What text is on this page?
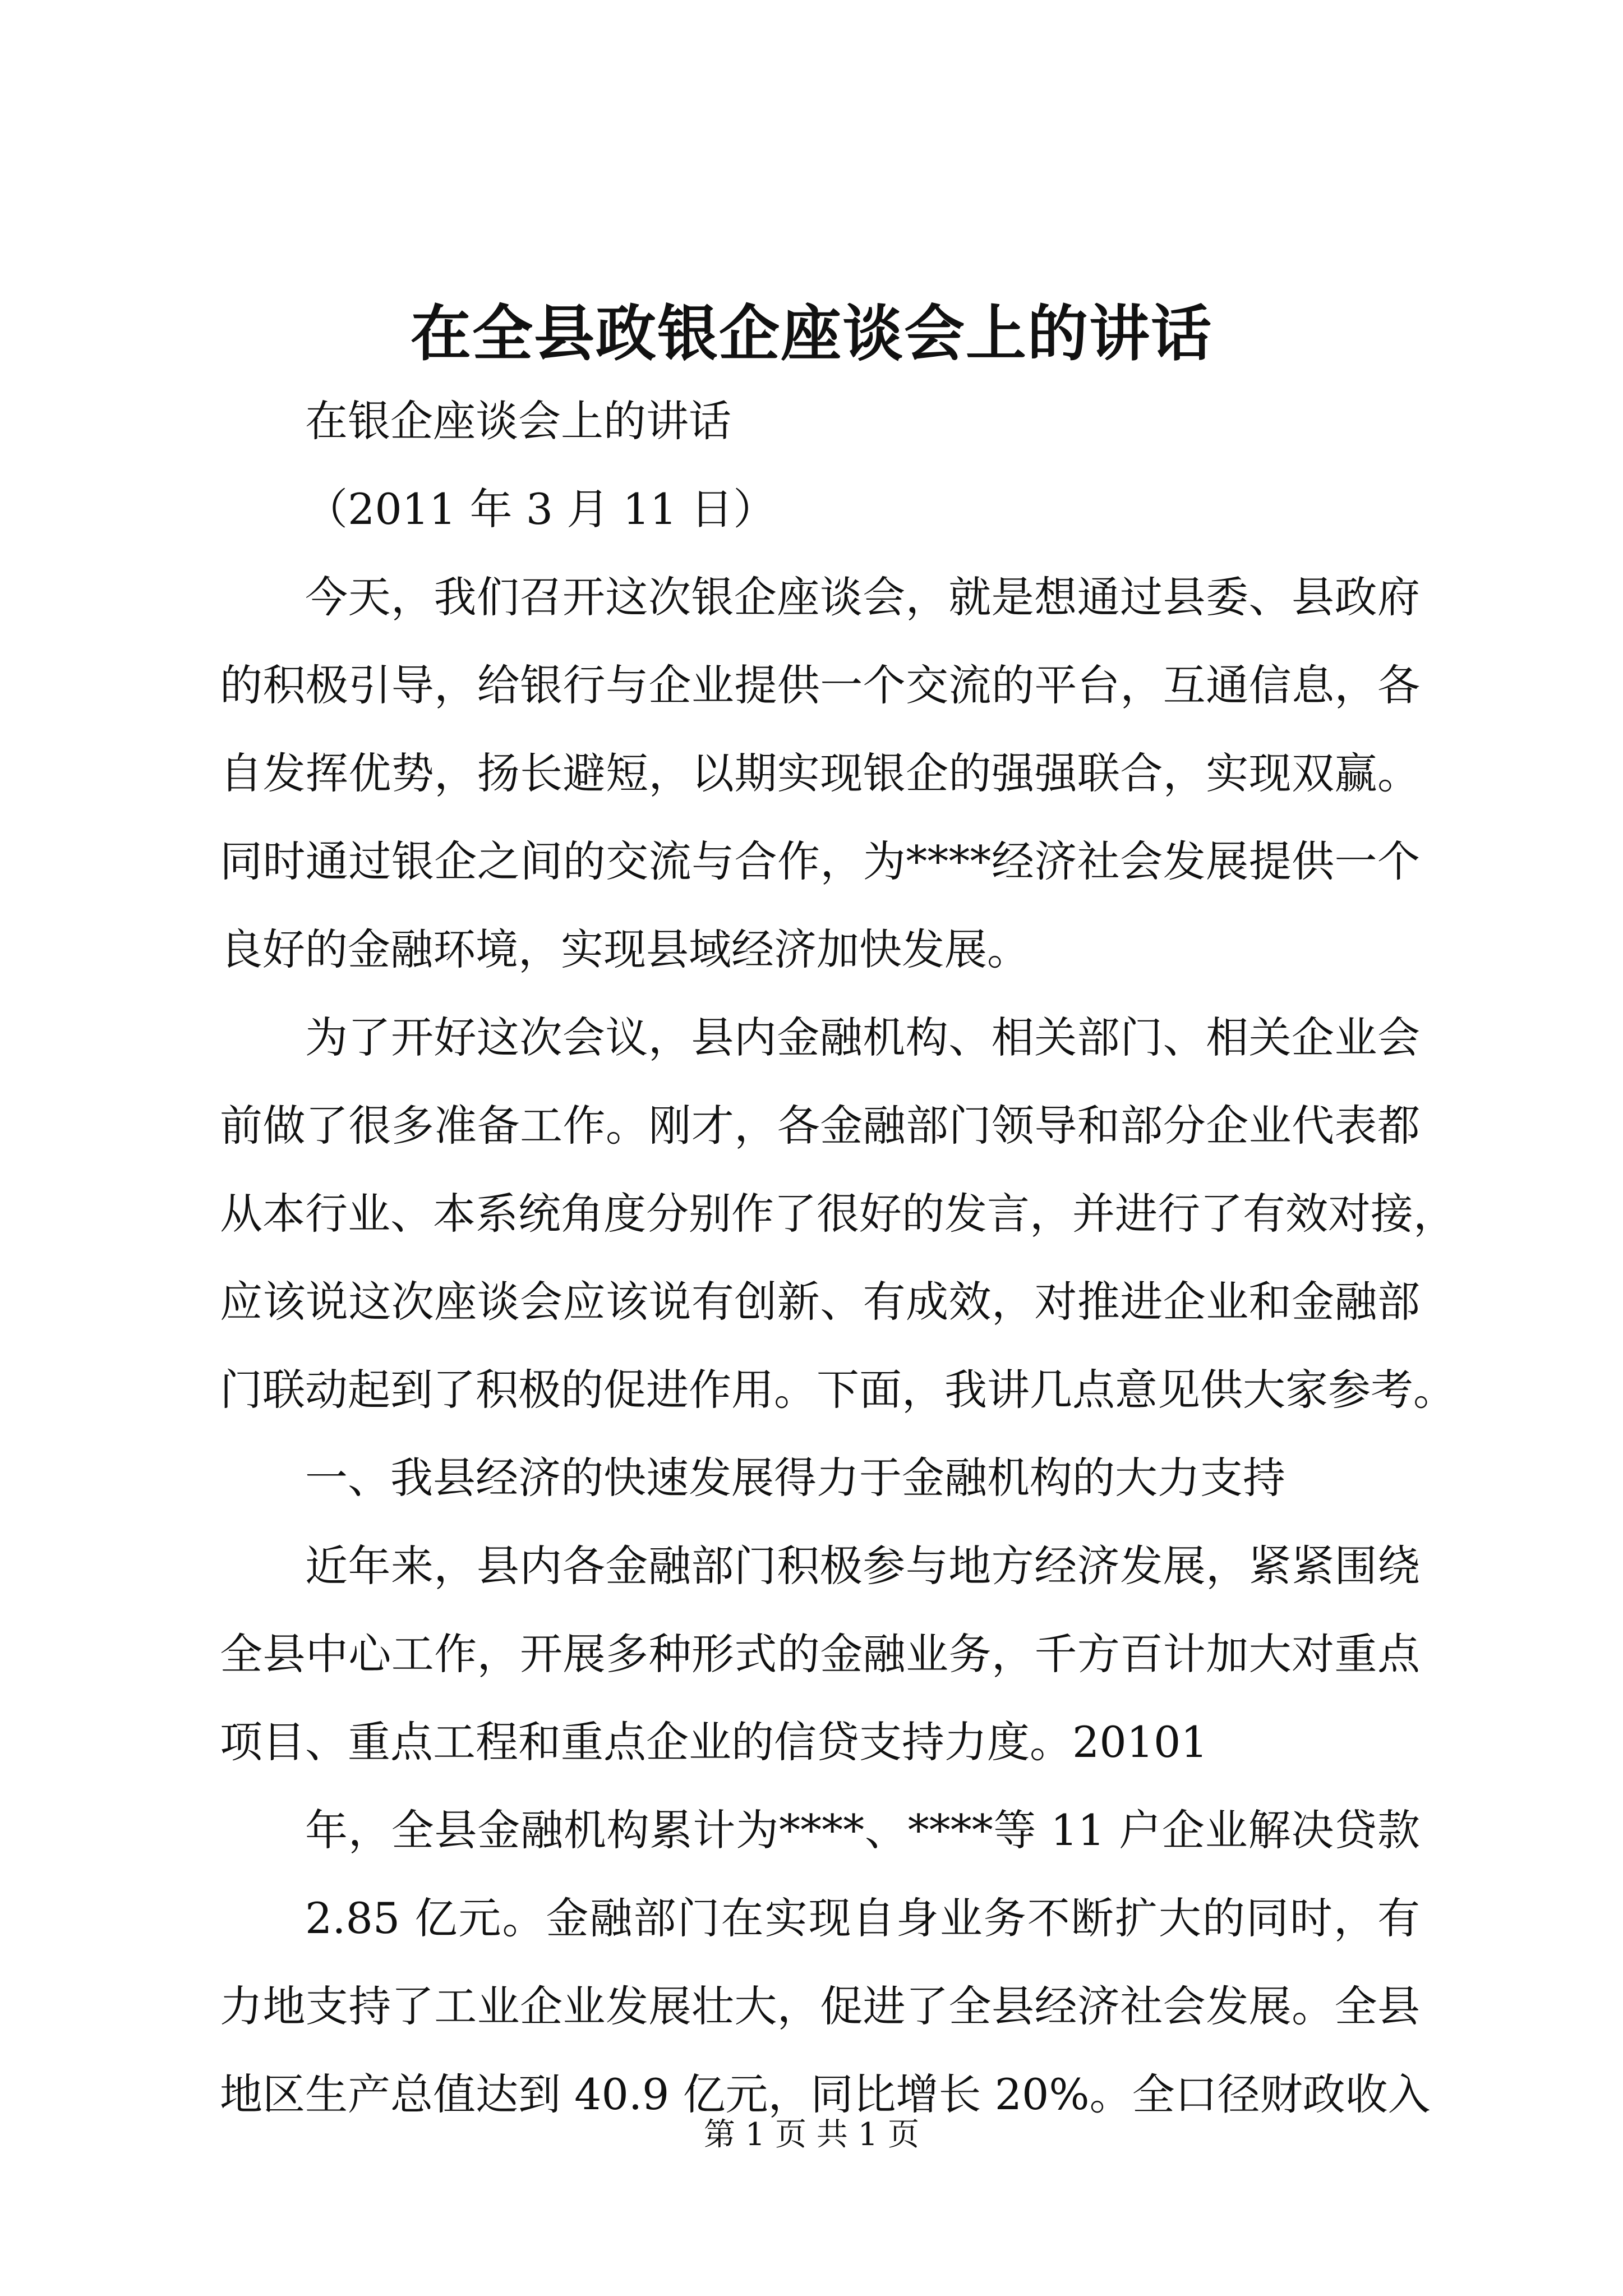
在全县政银企座谈会上的讲话
在银企座谈会上的讲话
（2011 年 3 月 11 日）
今天，我们召开这次银企座谈会，就是想通过县委、县政府
的积极引导，给银行与企业提供一个交流的平台，互通信息，各
自发挥优势，扬长避短，以期实现银企的强强联合，实现双赢。
同时通过银企之间的交流与合作，为****经济社会发展提供一个
良好的金融环境，实现县域经济加快发展。
为了开好这次会议，县内金融机构、相关部门、相关企业会
前做了很多准备工作。刚才，各金融部门领导和部分企业代表都
从本行业、本系统角度分别作了很好的发言，并进行了有效对接，
应该说这次座谈会应该说有创新、有成效，对推进企业和金融部
门联动起到了积极的促进作用。下面，我讲几点意见供大家参考。
一、我县经济的快速发展得力于金融机构的大力支持
近年来，县内各金融部门积极参与地方经济发展，紧紧围绕
全县中心工作，开展多种形式的金融业务，千方百计加大对重点
项目、重点工程和重点企业的信贷支持力度。20101
年，全县金融机构累计为****、****等 11 户企业解决贷款
2.85 亿元。金融部门在实现自身业务不断扩大的同时，有
力地支持了工业企业发展壮大，促进了全县经济社会发展。全县
地区生产总值达到 40.9 亿元，同比增长 20%。全口径财政收入
第 1 页 共 1 页
